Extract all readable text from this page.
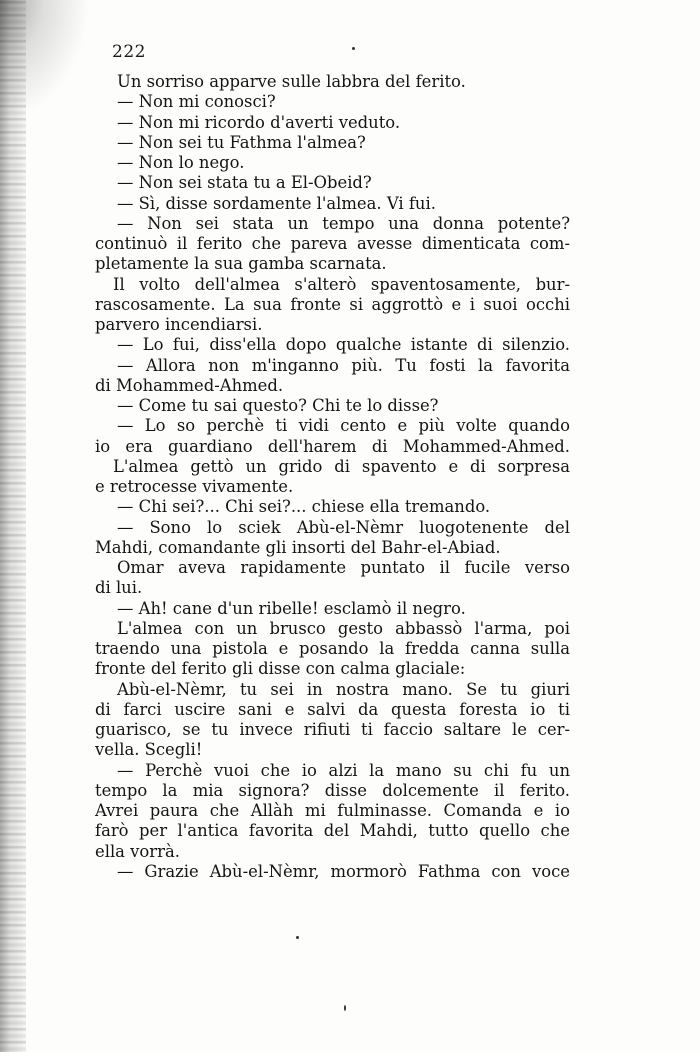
222
Un sorriso apparve sulle labbra del ferito.
— Non mi conosci?
— Non mi ricordo d'averti veduto.
— Non sei tu Fathma l'almea?
— Non lo nego.
— Non sei stata tu a El-Obeid?
— Sì, disse sordamente l'almea. Vi fui.
— Non sei stata un tempo una donna potente?
continuò il ferito che pareva avesse dimenticata com-
pletamente la sua gamba scarnata.
Il volto dell'almea s'alterò spaventosamente, bur-
rascosamente. La sua fronte si aggrottò e i suoi occhi
parvero incendiarsi.
— Lo fui, diss'ella dopo qualche istante di silenzio.
— Allora non m'inganno più. Tu fosti la favorita
di Mohammed-Ahmed.
— Come tu sai questo? Chi te lo disse?
— Lo so perchè ti vidi cento e più volte quando
io era guardiano dell'harem di Mohammed-Ahmed.
L'almea gettò un grido di spavento e di sorpresa
e retrocesse vivamente.
— Chi sei?... Chi sei?... chiese ella tremando.
— Sono lo sciek Abù-el-Nèmr luogotenente del
Mahdi, comandante gli insorti del Bahr-el-Abiad.
Omar aveva rapidamente puntato il fucile verso
di lui.
— Ah! cane d'un ribelle! esclamò il negro.
L'almea con un brusco gesto abbassò l'arma, poi
traendo una pistola e posando la fredda canna sulla
fronte del ferito gli disse con calma glaciale:
Abù-el-Nèmr, tu sei in nostra mano. Se tu giuri
di farci uscire sani e salvi da questa foresta io ti
guarisco, se tu invece rifiuti ti faccio saltare le cer-
vella. Scegli!
— Perchè vuoi che io alzi la mano su chi fu un
tempo la mia signora? disse dolcemente il ferito.
Avrei paura che Allàh mi fulminasse. Comanda e io
farò per l'antica favorita del Mahdi, tutto quello che
ella vorrà.
— Grazie Abù-el-Nèmr, mormorò Fathma con voce
